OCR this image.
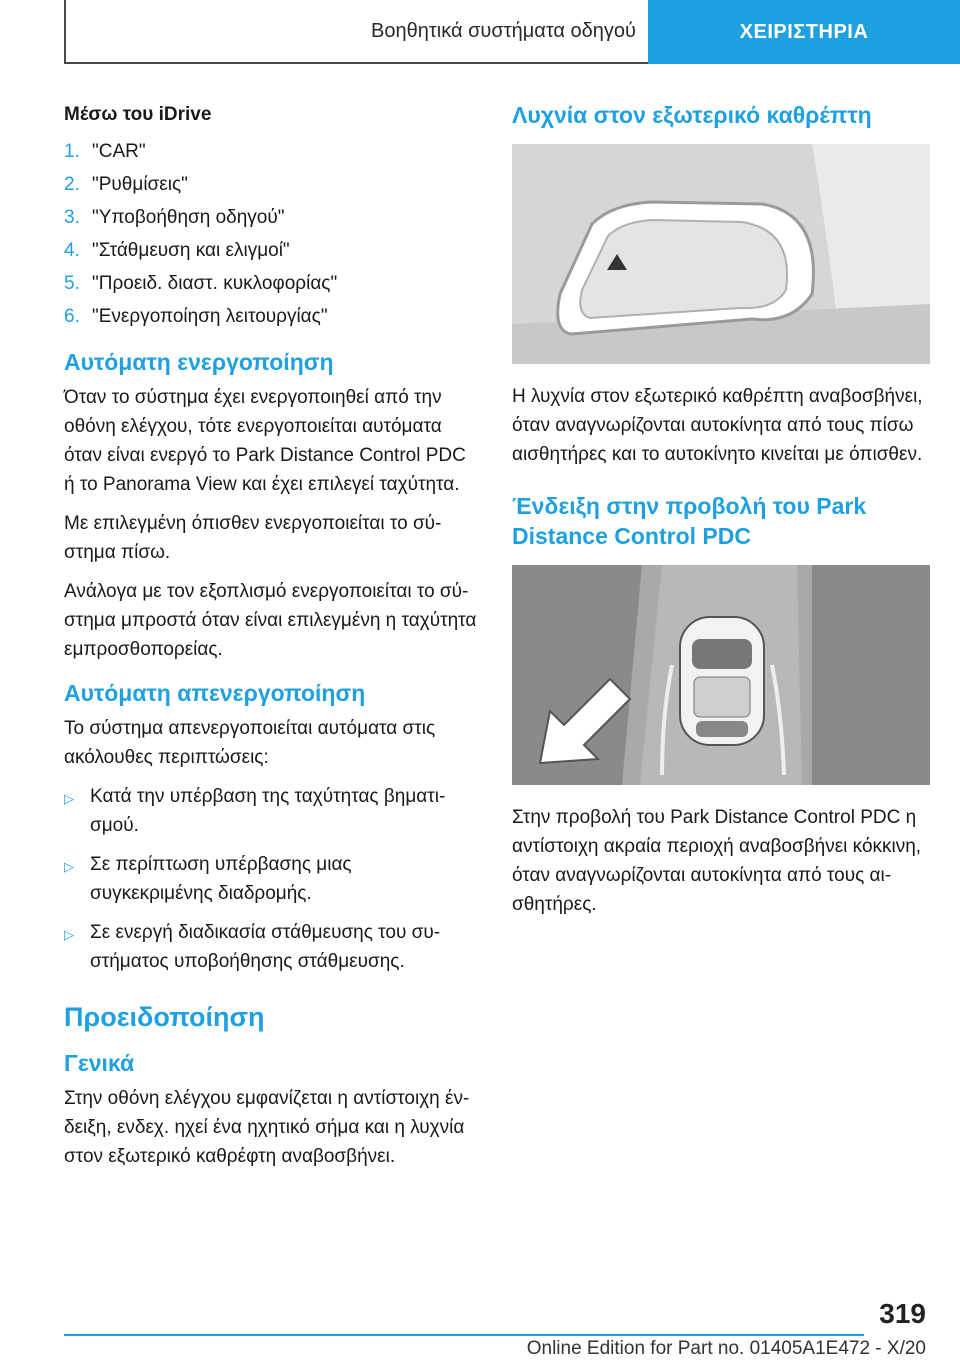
Βοηθητικά συστήματα οδηγού	ΧΕΙΡΙΣΤΗΡΙΑ
Μέσω του iDrive
1. "CAR"
2. "Ρυθμίσεις"
3. "Υποβοήθηση οδηγού"
4. "Στάθμευση και ελιγμοί"
5. "Προειδ. διαστ. κυκλοφορίας"
6. "Ενεργοποίηση λειτουργίας"
Αυτόματη ενεργοποίηση

Όταν το σύστημα έχει ενεργοποιηθεί από την οθόνη ελέγχου, τότε ενεργοποιείται αυτόματα όταν είναι ενεργό το Park Distance Control PDC ή το Panorama View και έχει επιλεγεί ταχύτητα.

Με επιλεγμένη όπισθεν ενεργοποιείται το σύστημα πίσω.

Ανάλογα με τον εξοπλισμό ενεργοποιείται το σύστημα μπροστά όταν είναι επιλεγμένη η ταχύτητα εμπροσθοπορείας.

Αυτόματη απενεργοποίηση

Το σύστημα απενεργοποιείται αυτόματα στις ακόλουθες περιπτώσεις:

▷ Κατά την υπέρβαση της ταχύτητας βηματισμού.
▷ Σε περίπτωση υπέρβασης μιας συγκεκριμένης διαδρομής.
▷ Σε ενεργή διαδικασία στάθμευσης του συστήματος υποβοήθησης στάθμευσης.
Προειδοποίηση
Γενικά

Στην οθόνη ελέγχου εμφανίζεται η αντίστοιχη ένδειξη, ενδεχ. ηχεί ένα ηχητικό σήμα και η λυχνία στον εξωτερικό καθρέφτη αναβοσβήνει.

Λυχνία στον εξωτερικό καθρέπτη

Η λυχνία στον εξωτερικό καθρέπτη αναβοσβήνει, όταν αναγνωρίζονται αυτοκίνητα από τους πίσω αισθητήρες και το αυτοκίνητο κινείται με όπισθεν.

Ένδειξη στην προβολή του Park Distance Control PDC

Στην προβολή του Park Distance Control PDC η αντίστοιχη ακραία περιοχή αναβοσβήνει κόκκινη, όταν αναγνωρίζονται αυτοκίνητα από τους αισθητήρες.

319
Online Edition for Part no. 01405A1E472 - X/20
